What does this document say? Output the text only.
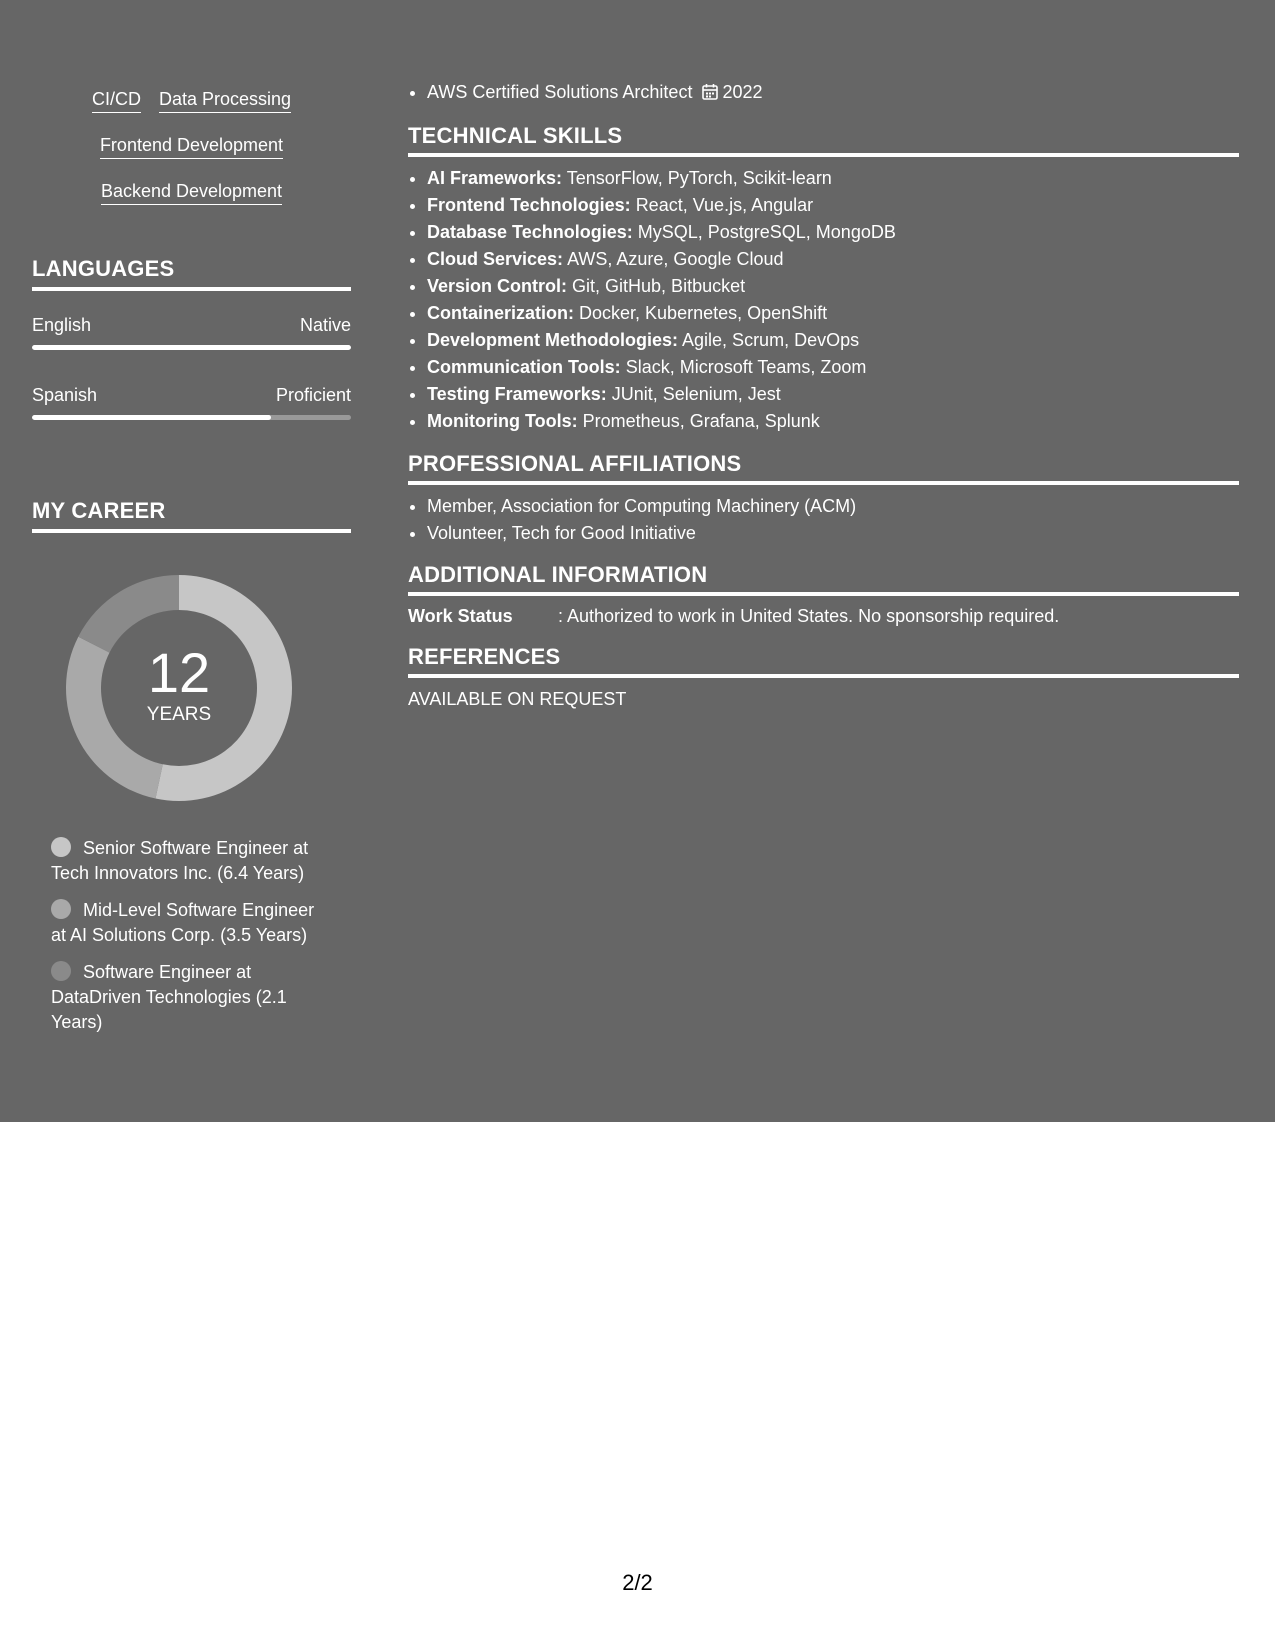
CI/CD Data Processing
Frontend Development
Backend Development
LANGUAGES
English	Native
Spanish	Proficient
MY CAREER
12
YEARS
Senior Software Engineer at Tech Innovators Inc. (6.4 Years)
Mid-Level Software Engineer at AI Solutions Corp. (3.5 Years)
Software Engineer at DataDriven Technologies (2.1 Years)
• AWS Certified Solutions Architect 2022
TECHNICAL SKILLS
• AI Frameworks: TensorFlow, PyTorch, Scikit-learn
• Frontend Technologies: React, Vue.js, Angular
• Database Technologies: MySQL, PostgreSQL, MongoDB
• Cloud Services: AWS, Azure, Google Cloud
• Version Control: Git, GitHub, Bitbucket
• Containerization: Docker, Kubernetes, OpenShift
• Development Methodologies: Agile, Scrum, DevOps
• Communication Tools: Slack, Microsoft Teams, Zoom
• Testing Frameworks: JUnit, Selenium, Jest
• Monitoring Tools: Prometheus, Grafana, Splunk
PROFESSIONAL AFFILIATIONS
• Member, Association for Computing Machinery (ACM)
• Volunteer, Tech for Good Initiative
ADDITIONAL INFORMATION
Work Status	: Authorized to work in United States. No sponsorship required.
REFERENCES
AVAILABLE ON REQUEST
2/2
